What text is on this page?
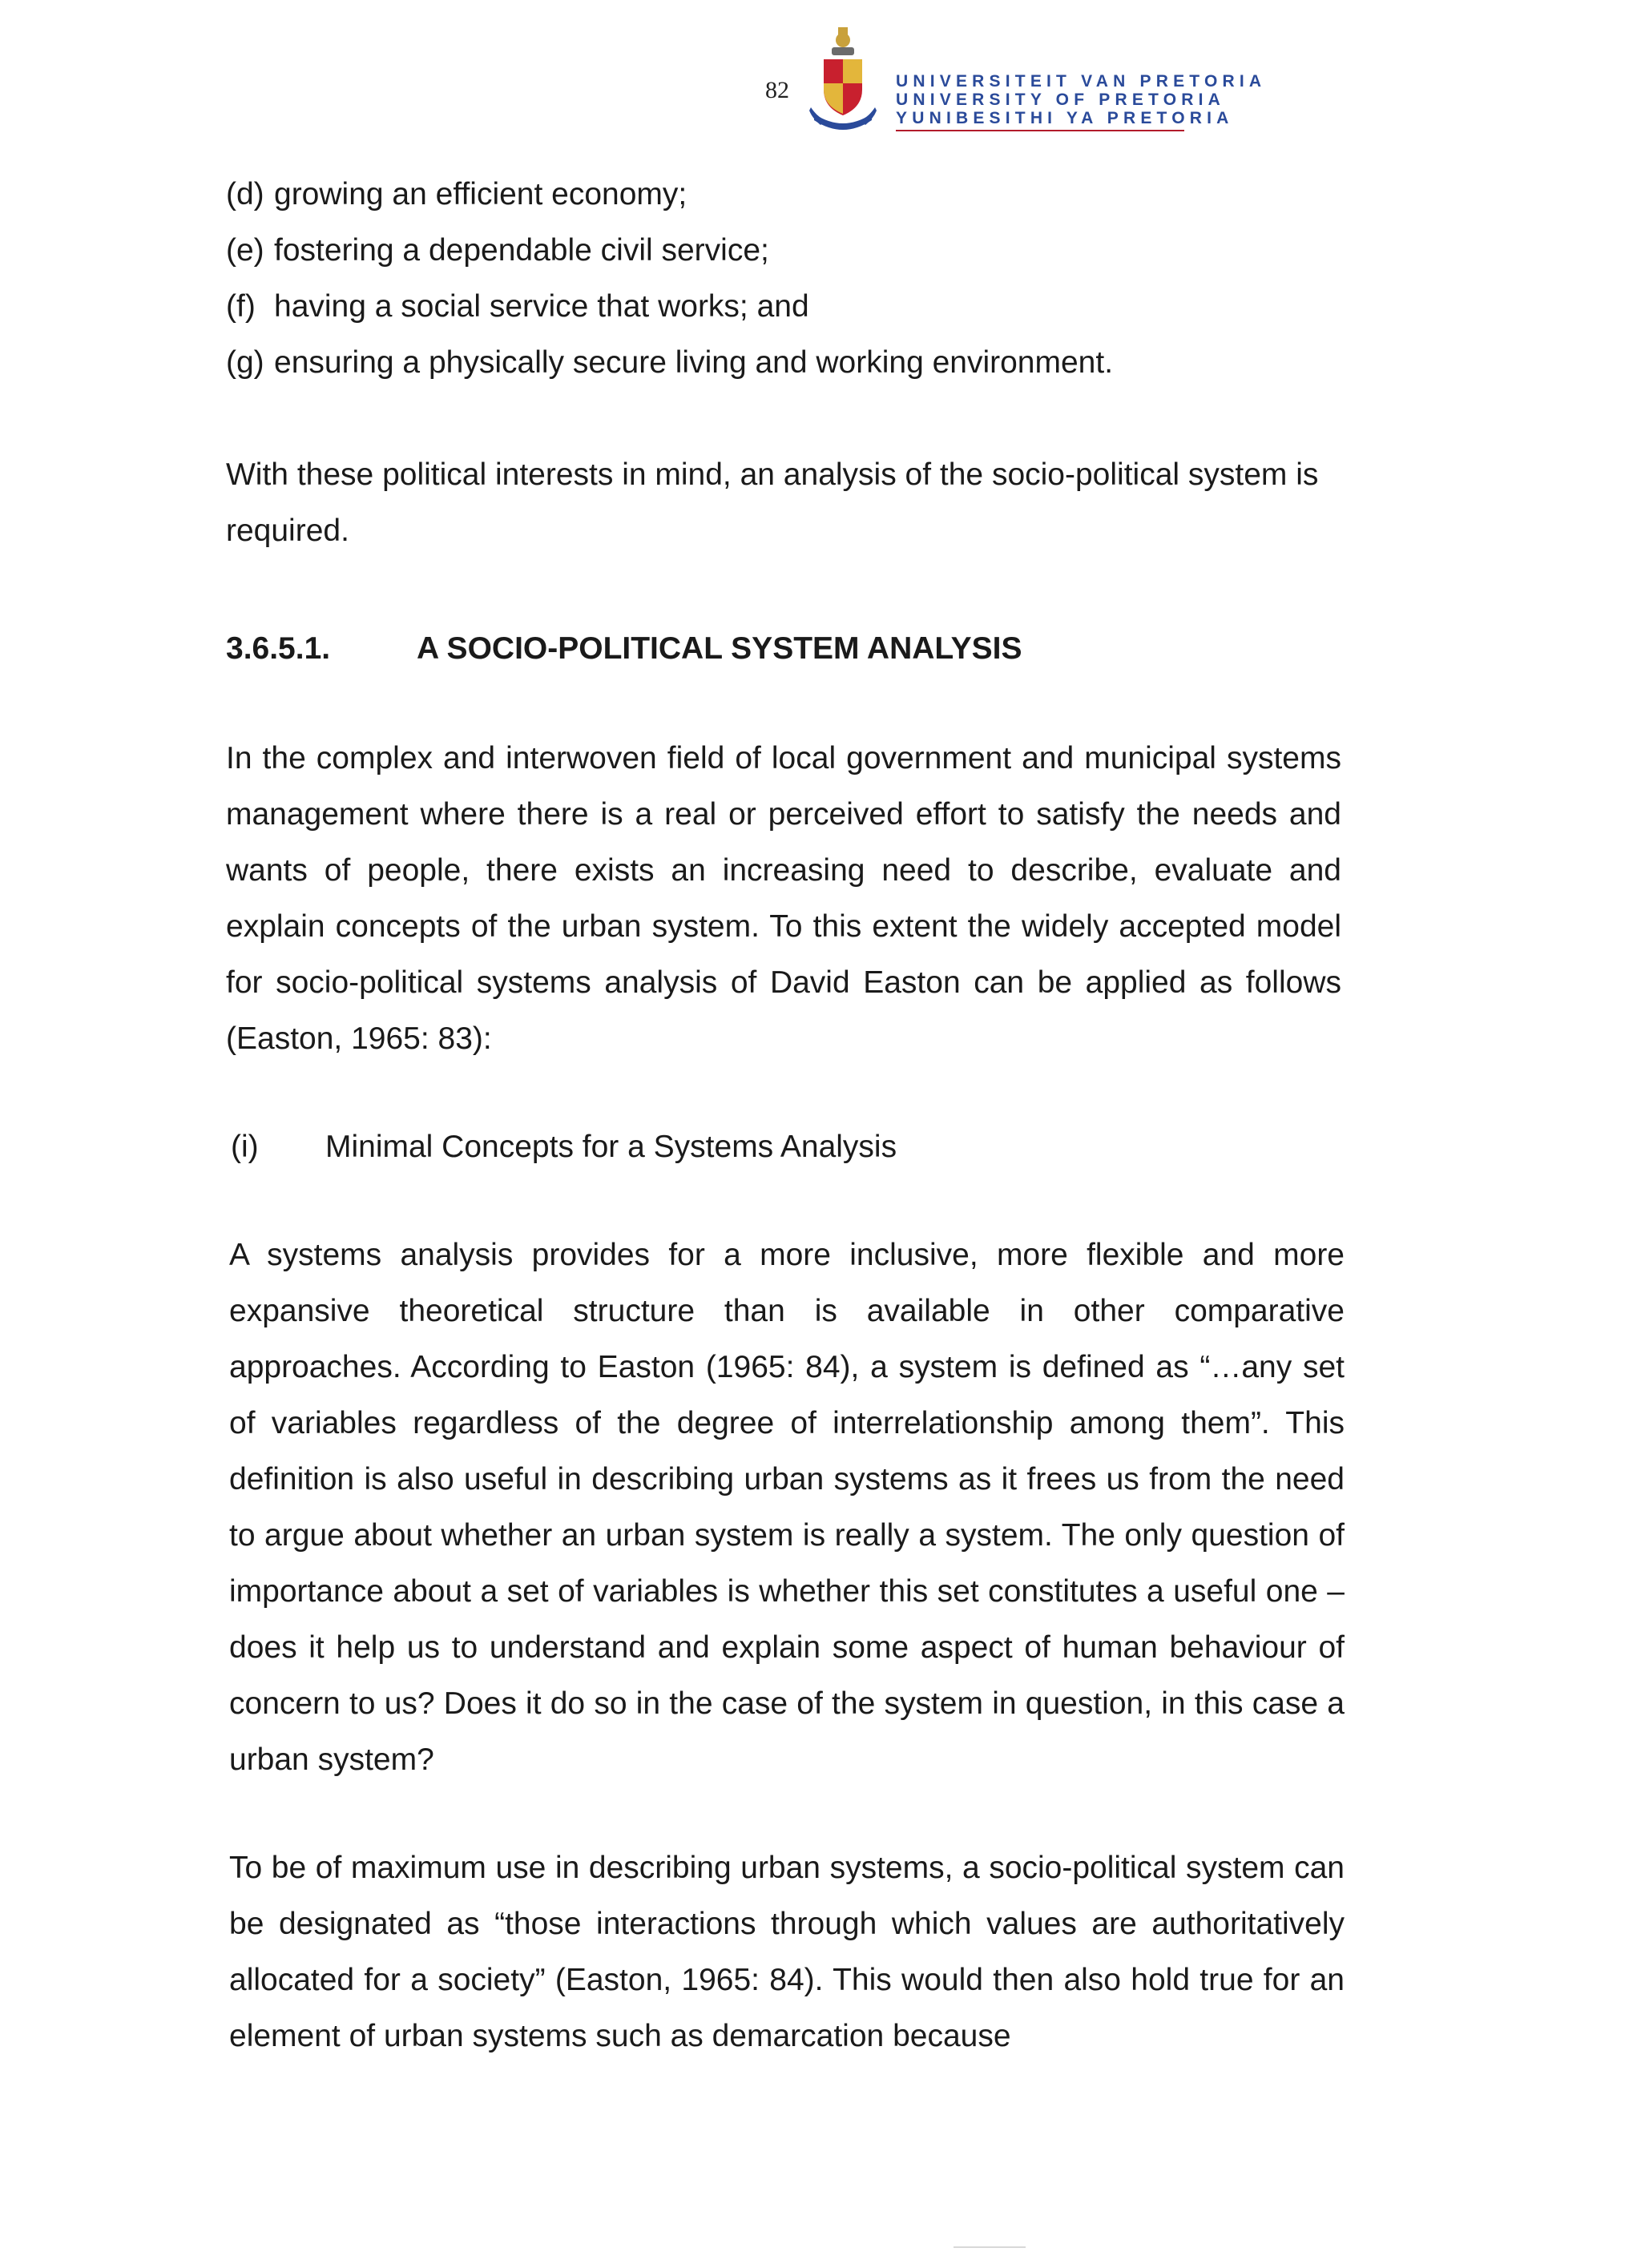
82	UNIVERSITEIT VAN PRETORIA
UNIVERSITY OF PRETORIA
YUNIBESITHI YA PRETORIA
(d) growing an efficient economy;
(e) fostering a dependable civil service;
(f) having a social service that works; and
(g) ensuring a physically secure living and working environment.

With these political interests in mind, an analysis of the socio-political system is required.

3.6.5.1.	A SOCIO-POLITICAL SYSTEM ANALYSIS

In the complex and interwoven field of local government and municipal systems management where there is a real or perceived effort to satisfy the needs and wants of people, there exists an increasing need to describe, evaluate and explain concepts of the urban system. To this extent the widely accepted model for socio-political systems analysis of David Easton can be applied as follows (Easton, 1965: 83):

(i) Minimal Concepts for a Systems Analysis

A systems analysis provides for a more inclusive, more flexible and more expansive theoretical structure than is available in other comparative approaches. According to Easton (1965: 84), a system is defined as “…any set of variables regardless of the degree of interrelationship among them”. This definition is also useful in describing urban systems as it frees us from the need to argue about whether an urban system is really a system. The only question of importance about a set of variables is whether this set constitutes a useful one – does it help us to understand and explain some aspect of human behaviour of concern to us? Does it do so in the case of the system in question, in this case a urban system?

To be of maximum use in describing urban systems, a socio-political system can be designated as “those interactions through which values are authoritatively allocated for a society” (Easton, 1965: 84). This would then also hold true for an element of urban systems such as demarcation because
